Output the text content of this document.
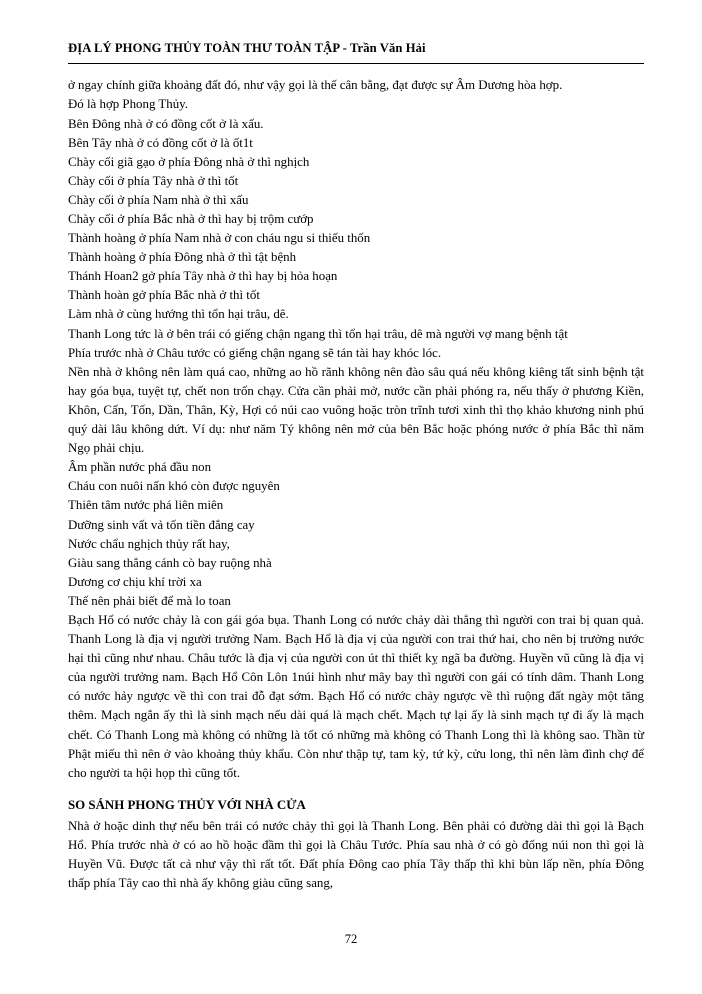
ĐỊA LÝ PHONG THỦY TOÀN THƯ TOÀN TẬP - Trần Văn Hải

ở ngay chính giữa khoảng đất đó, như vậy gọi là thế cân bằng, đạt được sự Âm Dương hòa hợp.

Đó là hợp Phong Thủy.

Bên Đông nhà ở có đồng cốt ở là xấu.

Bên Tây nhà ở có đồng cốt ở là ốt1t

Chày cối giã gạo ở phía Đông nhà ở thì nghịch

Chày cối ở phía Tây nhà ở thì tốt

Chày cối ở phía Nam nhà ở thì xấu

Chày cối ở phía Bắc nhà ở thì hay bị trộm cướp

Thành hoàng ở phía Nam nhà ở con cháu ngu si thiếu thốn

Thành hoàng ở phía Đông nhà ở thì tật bệnh

Thánh Hoan2 gở phía Tây nhà ở thì hay bị hỏa hoạn

Thành hoàn gở phía Bắc nhà ở thì tốt

Làm nhà ở cùng hướng thì tổn hại trâu, dê.

Thanh Long tức là ở bên trái có giếng chận ngang thì tổn hại trâu, dê mà người vợ mang bệnh tật

Phía trước nhà ở Châu tước có giếng chận ngang sẽ tán tài hay khóc lóc.

Nền nhà ở không nên làm quá cao, những ao hồ rãnh không nên đào sâu quá nếu không kiêng tất sinh bệnh tật hay góa bụa, tuyệt tự, chết non trốn chạy. Cửa cần phải mở, nước cần phải phóng ra, nếu thấy ở phương Kiền, Khôn, Cấn, Tốn, Dần, Thân, Kỳ, Hợi có núi cao vuông hoặc tròn trĩnh tươi xinh thì thọ khảo khương ninh phú quý dài lâu không dứt. Ví dụ: như năm Tý không nên mở của bên Bắc hoặc phóng nước ở phía Bắc thì năm Ngọ phải chịu.

Âm phần nước phá đầu non

Cháu con nuôi nấn khó còn được nguyên

Thiên tâm nước phá liên miên

Dưỡng sinh vất vả tốn tiền đắng cay

Nước chẩu nghịch thủy rất hay,

Giàu sang thẳng cánh cò bay ruộng nhà

Dương cơ chịu khí trời xa

Thế nên phải biết để mà lo toan

Bạch Hổ có nước chảy là con gái góa bụa. Thanh Long có nước chảy dài thẳng thì người con trai bị quan quả. Thanh Long là địa vị người trưởng Nam. Bạch Hổ là địa vị của người con trai thứ hai, cho nên bị trưởng nước hại thì cũng như nhau. Châu tước là địa vị của người con út thì thiết kỵ ngã ba đường. Huyền vũ cũng là địa vị của người trưởng nam. Bạch Hổ Côn Lôn 1núi hình như mây bay thì người con gái có tính dâm. Thanh Long có nước hảy ngược về thì con trai đỗ đạt sớm. Bạch Hổ có nước chảy ngược về thì ruộng đất ngày một tăng thêm. Mạch ngắn ấy thì là sinh mạch nếu dài quá là mạch chết. Mạch tự lại ấy là sinh mạch tự đi ấy là mạch chết. Có Thanh Long mà không có những là tốt có những mà không có Thanh Long thì là không sao. Thần từ Phật miếu thì nên ở vào khoảng thủy khẩu. Còn như thập tự, tam kỳ, tứ kỳ, cửu long, thì nên làm đình chợ để cho người ta hội họp thì cũng tốt.

SO SÁNH PHONG THỦY VỚI NHÀ CỬA

Nhà ở hoặc dinh thự nếu bên trái có nước chảy thì gọi là Thanh Long. Bên phải có đường dài thì gọi là Bạch Hổ. Phía trước nhà ở có ao hồ hoặc đầm thì gọi là Châu Tước. Phía sau nhà ở có gò đống núi non thì gọi là Huyền Vũ. Được tất cả như vậy thì rất tốt. Đất phía Đông cao phía Tây thấp thì khi bùn lấp nền, phía Đông thấp phía Tây cao thì nhà ấy không giàu cũng sang,

72
